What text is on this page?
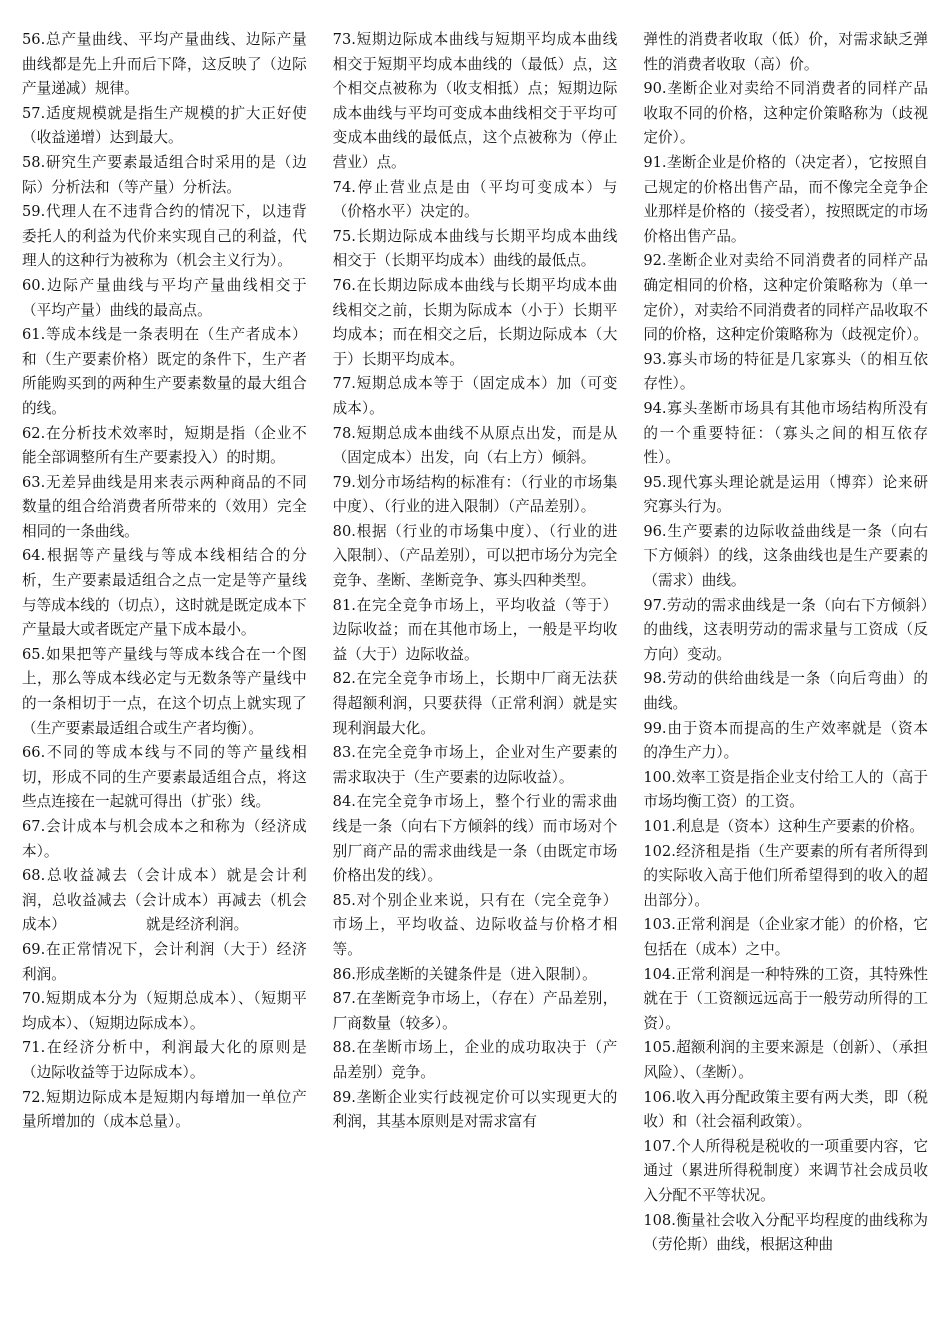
56.总产量曲线、平均产量曲线、边际产量曲线都是先上升而后下降，这反映了（边际产量递减）规律。

57.适度规模就是指生产规模的扩大正好使（收益递增）达到最大。

58.研究生产要素最适组合时采用的是（边际）分析法和（等产量）分析法。

59.代理人在不违背合约的情况下，以违背委托人的利益为代价来实现自己的利益，代理人的这种行为被称为（机会主义行为）。

60.边际产量曲线与平均产量曲线相交于（平均产量）曲线的最高点。

61.等成本线是一条表明在（生产者成本）和（生产要素价格）既定的条件下，生产者所能购买到的两种生产要素数量的最大组合的线。

62.在分析技术效率时，短期是指（企业不能全部调整所有生产要素投入）的时期。

63.无差异曲线是用来表示两种商品的不同数量的组合给消费者所带来的（效用）完全相同的一条曲线。

64.根据等产量线与等成本线相结合的分析，生产要素最适组合之点一定是等产量线与等成本线的（切点），这时就是既定成本下产量最大或者既定产量下成本最小。

65.如果把等产量线与等成本线合在一个图上，那么等成本线必定与无数条等产量线中的一条相切于一点，在这个切点上就实现了（生产要素最适组合或生产者均衡）。

66.不同的等成本线与不同的等产量线相切，形成不同的生产要素最适组合点，将这些点连接在一起就可得出（扩张）线。

67.会计成本与机会成本之和称为（经济成本）。

68.总收益减去（会计成本）就是会计利润，总收益减去（会计成本）再减去（机会成本）　　　　　　就是经济利润。

69.在正常情况下，会计利润（大于）经济利润。

70.短期成本分为（短期总成本）、（短期平均成本）、（短期边际成本）。

71.在经济分析中，利润最大化的原则是（边际收益等于边际成本）。

72.短期边际成本是短期内每增加一单位产量所增加的（成本总量）。

73.短期边际成本曲线与短期平均成本曲线相交于短期平均成本曲线的（最低）点，这个相交点被称为（收支相抵）点；短期边际成本曲线与平均可变成本曲线相交于平均可变成本曲线的最低点，这个点被称为（停止营业）点。

74.停止营业点是由（平均可变成本）与（价格水平）决定的。

75.长期边际成本曲线与长期平均成本曲线相交于（长期平均成本）曲线的最低点。

76.在长期边际成本曲线与长期平均成本曲线相交之前，长期为际成本（小于）长期平均成本；而在相交之后，长期边际成本（大于）长期平均成本。

77.短期总成本等于（固定成本）加（可变成本）。

78.短期总成本曲线不从原点出发，而是从（固定成本）出发，向（右上方）倾斜。

79.划分市场结构的标准有：（行业的市场集中度）、（行业的进入限制）（产品差别）。

80.根据（行业的市场集中度）、（行业的进入限制）、（产品差别），可以把市场分为完全竞争、垄断、垄断竞争、寡头四种类型。

81.在完全竞争市场上，平均收益（等于）边际收益；而在其他市场上，一般是平均收益（大于）边际收益。

82.在完全竞争市场上，长期中厂商无法获得超额利润，只要获得（正常利润）就是实现利润最大化。

83.在完全竞争市场上，企业对生产要素的需求取决于（生产要素的边际收益）。

84.在完全竞争市场上，整个行业的需求曲线是一条（向右下方倾斜的线）而市场对个别厂商产品的需求曲线是一条（由既定市场价格出发的线）。

85.对个别企业来说，只有在（完全竞争）市场上，平均收益、边际收益与价格才相等。

86.形成垄断的关键条件是（进入限制）。

87.在垄断竞争市场上，（存在）产品差别，厂商数量（较多）。

88.在垄断市场上，企业的成功取决于（产品差别）竞争。

89.垄断企业实行歧视定价可以实现更大的利润，其基本原则是对需求富有

弹性的消费者收取（低）价，对需求缺乏弹性的消费者收取（高）价。

90.垄断企业对卖给不同消费者的同样产品收取不同的价格，这种定价策略称为（歧视定价）。

91.垄断企业是价格的（决定者），它按照自己规定的价格出售产品，而不像完全竞争企业那样是价格的（接受者），按照既定的市场价格出售产品。

92.垄断企业对卖给不同消费者的同样产品确定相同的价格，这种定价策略称为（单一定价），对卖给不同消费者的同样产品收取不同的价格，这种定价策略称为（歧视定价）。

93.寡头市场的特征是几家寡头（的相互依存性）。

94.寡头垄断市场具有其他市场结构所没有的一个重要特征：（寡头之间的相互依存性）。

95.现代寡头理论就是运用（博弈）论来研究寡头行为。

96.生产要素的边际收益曲线是一条（向右下方倾斜）的线，这条曲线也是生产要素的（需求）曲线。

97.劳动的需求曲线是一条（向右下方倾斜）的曲线，这表明劳动的需求量与工资成（反方向）变动。

98.劳动的供给曲线是一条（向后弯曲）的曲线。

99.由于资本而提高的生产效率就是（资本的净生产力）。

100.效率工资是指企业支付给工人的（高于市场均衡工资）的工资。

101.利息是（资本）这种生产要素的价格。

102.经济租是指（生产要素的所有者所得到的实际收入高于他们所希望得到的收入的超出部分）。

103.正常利润是（企业家才能）的价格，它包括在（成本）之中。

104.正常利润是一种特殊的工资，其特殊性就在于（工资额远远高于一般劳动所得的工资）。

105.超额利润的主要来源是（创新）、（承担风险）、（垄断）。

106.收入再分配政策主要有两大类，即（税收）和（社会福利政策）。

107.个人所得税是税收的一项重要内容，它通过（累进所得税制度）来调节社会成员收入分配不平等状况。

108.衡量社会收入分配平均程度的曲线称为（劳伦斯）曲线，根据这种曲
